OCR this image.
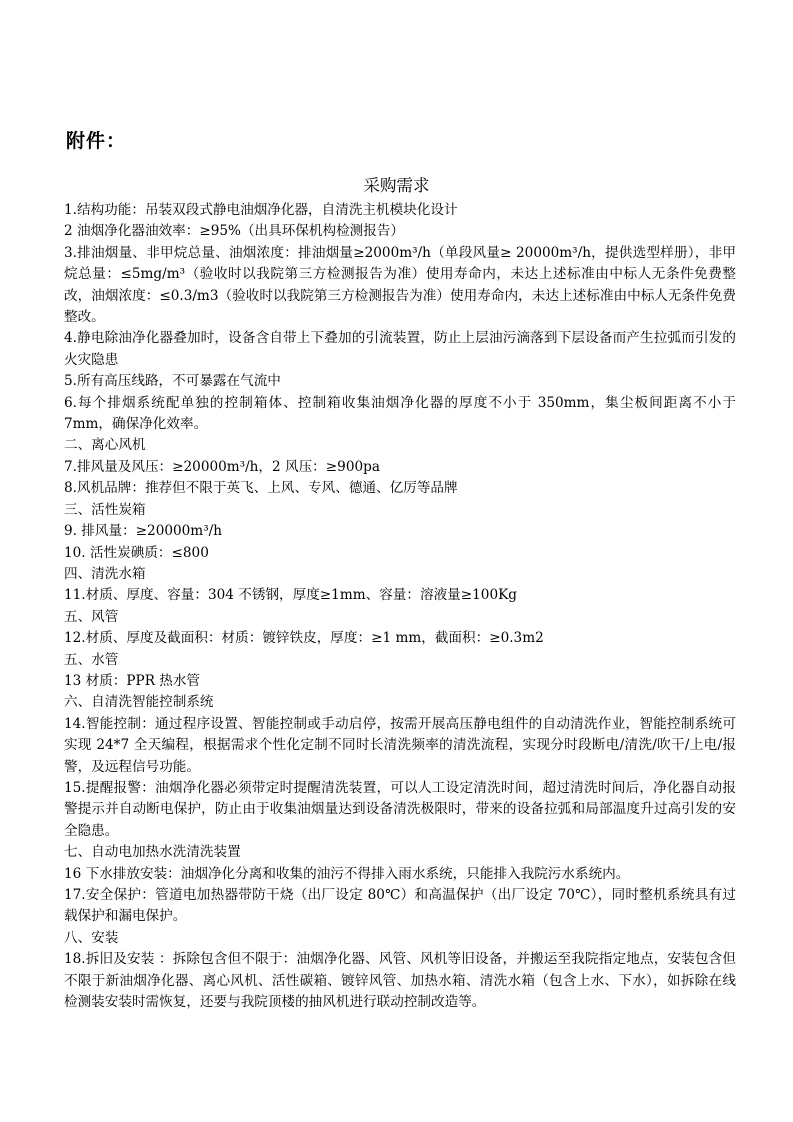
附件：
采购需求

1.结构功能：吊装双段式静电油烟净化器，自清洗主机模块化设计

2 油烟净化器油效率：≥95%（出具环保机构检测报告）

3.排油烟量、非甲烷总量、油烟浓度：排油烟量≥2000m³/h（单段风量≥ 20000m³/h，提供选型样册），非甲烷总量：≤5mg/m³（验收时以我院第三方检测报告为准）使用寿命内，未达上述标准由中标人无条件免费整改，油烟浓度：≤0.3/m3（验收时以我院第三方检测报告为准）使用寿命内，未达上述标准由中标人无条件免费整改。

4.静电除油净化器叠加时，设备含自带上下叠加的引流装置，防止上层油污滴落到下层设备而产生拉弧而引发的火灾隐患

5.所有高压线路，不可暴露在气流中

6.每个排烟系统配单独的控制箱体、控制箱收集油烟净化器的厚度不小于 350mm，集尘板间距离不小于 7mm，确保净化效率。

二、离心风机

7.排风量及风压：≥20000m³/h，2 风压：≥900pa

8.风机品牌：推荐但不限于英飞、上风、专风、德通、亿厉等品牌

三、活性炭箱

9. 排风量：≥20000m³/h

10. 活性炭碘质：≤800

四、清洗水箱

11.材质、厚度、容量：304 不锈钢，厚度≥1mm、容量：溶液量≥100Kg

五、风管

12.材质、厚度及截面积：材质：镀锌铁皮，厚度：≥1 mm，截面积：≥0.3m2

五、水管

13 材质：PPR 热水管

六、自清洗智能控制系统

14.智能控制：通过程序设置、智能控制或手动启停，按需开展高压静电组件的自动清洗作业，智能控制系统可实现 24*7 全天编程，根据需求个性化定制不同时长清洗频率的清洗流程，实现分时段断电/清洗/吹干/上电/报警，及远程信号功能。

15.提醒报警：油烟净化器必须带定时提醒清洗装置，可以人工设定清洗时间，超过清洗时间后，净化器自动报警提示并自动断电保护，防止由于收集油烟量达到设备清洗极限时，带来的设备拉弧和局部温度升过高引发的安全隐患。

七、自动电加热水洗清洗装置

16 下水排放安装：油烟净化分离和收集的油污不得排入雨水系统，只能排入我院污水系统内。

17.安全保护：管道电加热器带防干烧（出厂设定 80℃）和高温保护（出厂设定 70℃），同时整机系统具有过载保护和漏电保护。

八、安装

18.拆旧及安装 ：拆除包含但不限于：油烟净化器、风管、风机等旧设备，并搬运至我院指定地点，安装包含但不限于新油烟净化器、离心风机、活性碳箱、镀锌风管、加热水箱、清洗水箱（包含上水、下水），如拆除在线检测装安装时需恢复，还要与我院顶楼的抽风机进行联动控制改造等。
